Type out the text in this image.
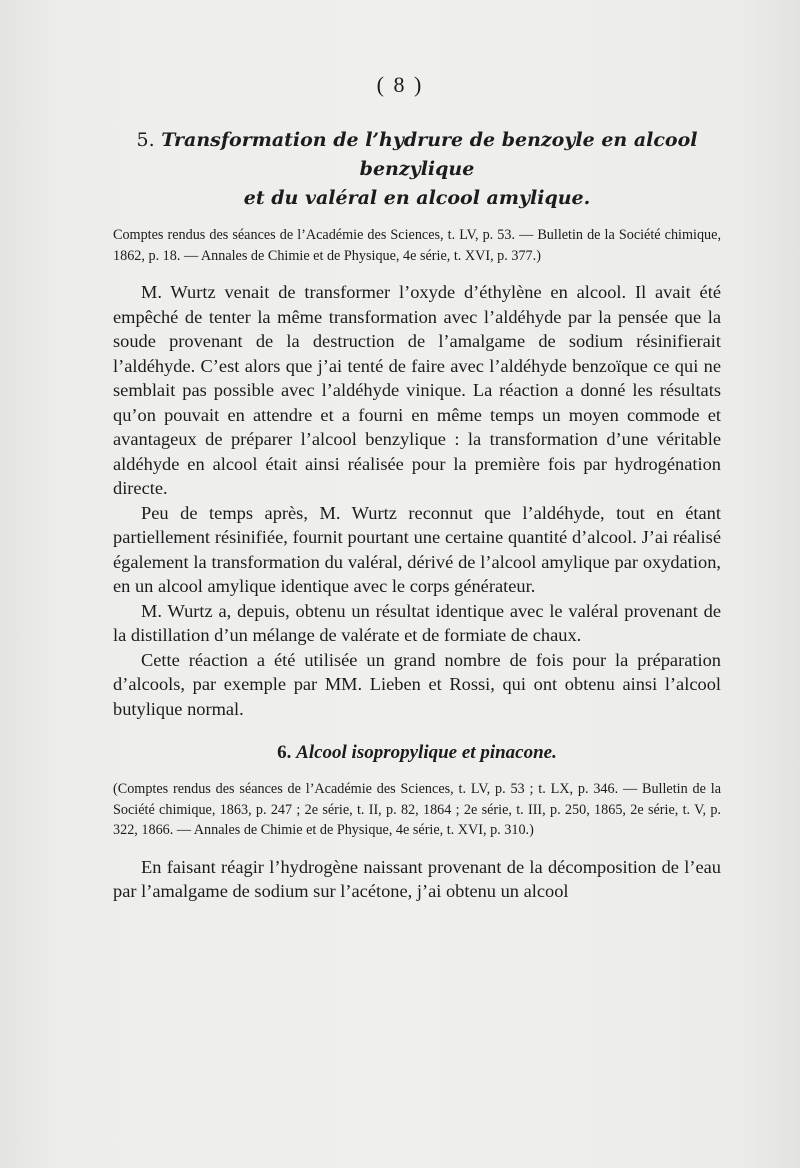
( 8 )
5. Transformation de l’hydrure de benzoyle en alcool benzylique
et du valéral en alcool amylique.

Comptes rendus des séances de l’Académie des Sciences, t. LV, p. 53. — Bulletin de la Société chimique, 1862, p. 18. — Annales de Chimie et de Physique, 4e série, t. XVI, p. 377.)

M. Wurtz venait de transformer l’oxyde d’éthylène en alcool. Il avait été empêché de tenter la même transformation avec l’aldéhyde par la pensée que la soude provenant de la destruction de l’amalgame de sodium résinifierait l’aldéhyde. C’est alors que j’ai tenté de faire avec l’aldéhyde benzoïque ce qui ne semblait pas possible avec l’aldéhyde vinique. La réaction a donné les résultats qu’on pouvait en attendre et a fourni en même temps un moyen commode et avantageux de préparer l’alcool benzylique : la transformation d’une véritable aldéhyde en alcool était ainsi réalisée pour la première fois par hydrogénation directe.

Peu de temps après, M. Wurtz reconnut que l’aldéhyde, tout en étant partiellement résinifiée, fournit pourtant une certaine quantité d’alcool. J’ai réalisé également la transformation du valéral, dérivé de l’alcool amylique par oxydation, en un alcool amylique identique avec le corps générateur.

M. Wurtz a, depuis, obtenu un résultat identique avec le valéral provenant de la distillation d’un mélange de valérate et de formiate de chaux.

Cette réaction a été utilisée un grand nombre de fois pour la préparation d’alcools, par exemple par MM. Lieben et Rossi, qui ont obtenu ainsi l’alcool butylique normal.

6. Alcool isopropylique et pinacone.

(Comptes rendus des séances de l’Académie des Sciences, t. LV, p. 53 ; t. LX, p. 346. — Bulletin de la Société chimique, 1863, p. 247 ; 2e série, t. II, p. 82, 1864 ; 2e série, t. III, p. 250, 1865, 2e série, t. V, p. 322, 1866. — Annales de Chimie et de Physique, 4e série, t. XVI, p. 310.)

En faisant réagir l’hydrogène naissant provenant de la décomposition de l’eau par l’amalgame de sodium sur l’acétone, j’ai obtenu un alcool
